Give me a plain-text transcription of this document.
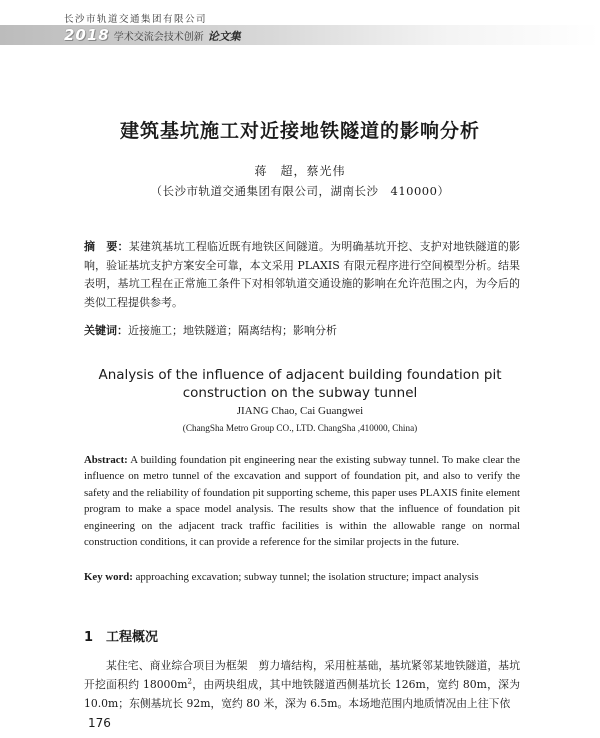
长沙市轨道交通集团有限公司
2018 学术交流会技术创新 论文集
建筑基坑施工对近接地铁隧道的影响分析
蒋　超，蔡光伟
（长沙市轨道交通集团有限公司，湖南长沙　410000）

摘　要：某建筑基坑工程临近既有地铁区间隧道。为明确基坑开挖、支护对地铁隧道的影响，验证基坑支护方案安全可靠，本文采用 PLAXIS 有限元程序进行空间模型分析。结果表明，基坑工程在正常施工条件下对相邻轨道交通设施的影响在允许范围之内，为今后的类似工程提供参考。

关键词：近接施工；地铁隧道；隔离结构；影响分析

Analysis of the influence of adjacent building foundation pit construction on the subway tunnel

JIANG Chao, Cai Guangwei
(ChangSha Metro Group CO., LTD. ChangSha ,410000, China)

Abstract: A building foundation pit engineering near the existing subway tunnel. To make clear the influence on metro tunnel of the excavation and support of foundation pit, and also to verify the safety and the reliability of foundation pit supporting scheme, this paper uses PLAXIS finite element program to make a space model analysis. The results show that the influence of foundation pit engineering on the adjacent track traffic facilities is within the allowable range on normal construction conditions, it can provide a reference for the similar projects in the future.

Key word: approaching excavation; subway tunnel; the isolation structure; impact analysis

1 工程概况

某住宅、商业综合项目为框架　剪力墙结构，采用桩基础，基坑紧邻某地铁隧道，基坑开挖面积约 $18000m^2$，由两块组成，其中地铁隧道西侧基坑长 126m，宽约 80m，深为 10.0m；东侧基坑长 92m，宽约 80 米，深为 6.5m。本场地范围内地质情况由上往下依

176
